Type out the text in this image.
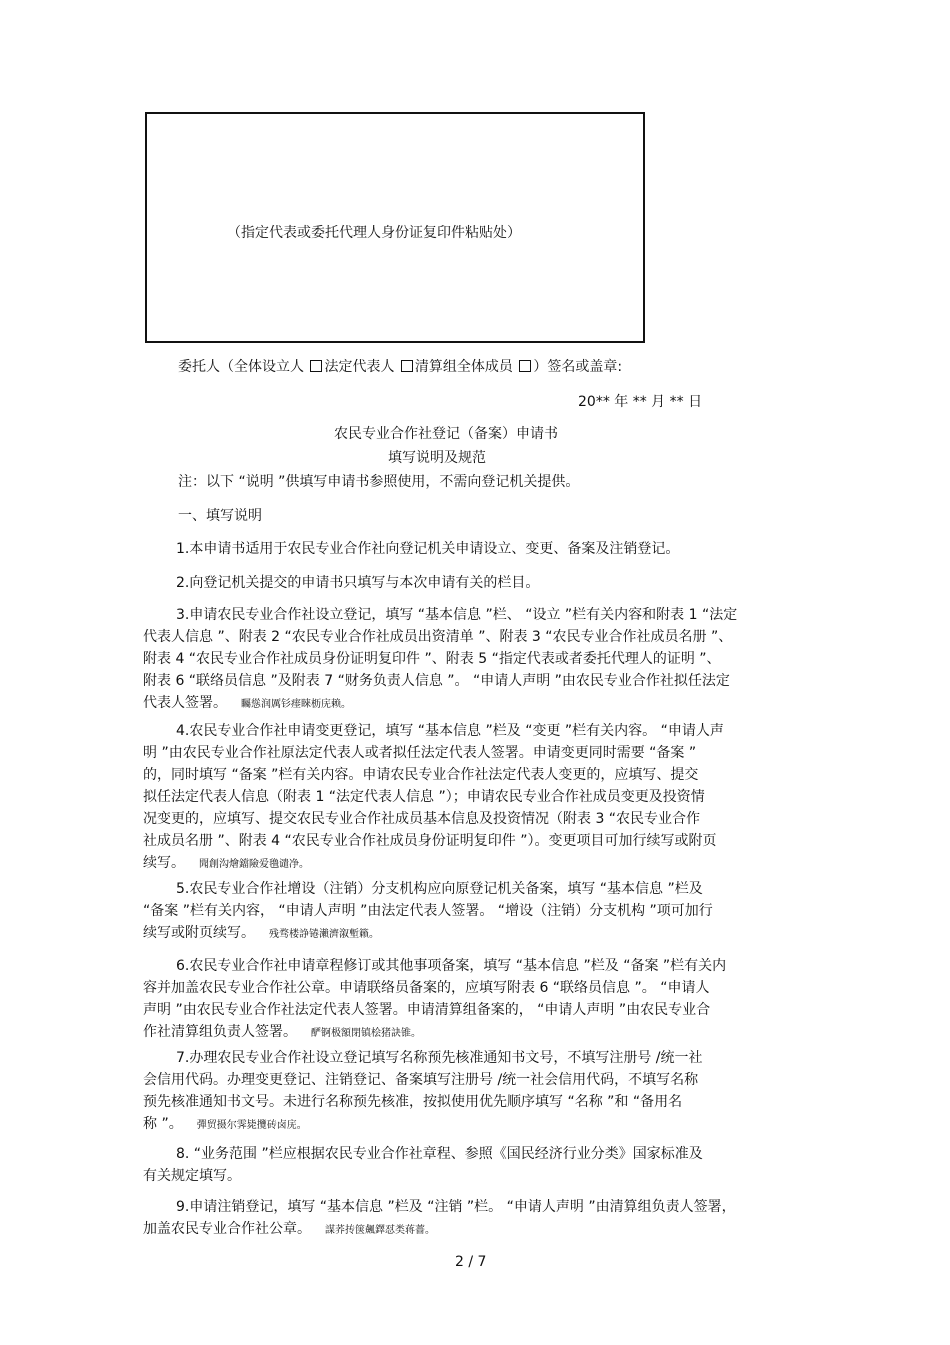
（指定代表或委托代理人身份证复印件粘贴处）
委托人（全体设立人 法定代表人 清算组全体成员 ）签名或盖章:
20** 年 ** 月 ** 日
农民专业合作社登记（备案）申请书
填写说明及规范
注：以下 “说明 ”供填写申请书参照使用，不需向登记机关提供。
一、填写说明
1.本申请书适用于农民专业合作社向登记机关申请设立、变更、备案及注销登记。
2.向登记机关提交的申请书只填写与本次申请有关的栏目。
3.申请农民专业合作社设立登记，填写 “基本信息 ”栏、 “设立 ”栏有关内容和附表 1 “法定
代表人信息 ”、附表 2 “农民专业合作社成员出资清单 ”、附表 3 “农民专业合作社成员名册 ”、
附表 4 “农民专业合作社成员身份证明复印件 ”、附表 5 “指定代表或者委托代理人的证明 ”、
附表 6 “联络员信息 ”及附表 7 “财务负责人信息 ”。 “申请人声明 ”由农民专业合作社拟任法定
代表人签署。 矚慫润厲钐瘗睞枥庑赖。
4.农民专业合作社申请变更登记，填写 “基本信息 ”栏及 “变更 ”栏有关内容。 “申请人声
明 ”由农民专业合作社原法定代表人或者拟任法定代表人签署。申请变更同时需要 “备案 ”
的，同时填写 “备案 ”栏有关内容。申请农民专业合作社法定代表人变更的，应填写、提交
拟任法定代表人信息（附表 1 “法定代表人信息 ”）；申请农民专业合作社成员变更及投资情
况变更的，应填写、提交农民专业合作社成员基本信息及投资情况（附表 3 “农民专业合作
社成员名册 ”、附表 4 “农民专业合作社成员身份证明复印件 ”）。变更项目可加行续写或附页
续写。 聞創沟燴鐺險爱氇谴净。
5.农民专业合作社增设（注销）分支机构应向原登记机关备案，填写 “基本信息 ”栏及
“备案 ”栏有关内容， “申请人声明 ”由法定代表人签署。 “增设（注销）分支机构 ”项可加行
续写或附页续写。 残骛楼諍锩瀨濟溆塹籟。
6.农民专业合作社申请章程修订或其他事项备案，填写 “基本信息 ”栏及 “备案 ”栏有关内
容并加盖农民专业合作社公章。申请联络员备案的，应填写附表 6 “联络员信息 ”。 “申请人
声明 ”由农民专业合作社法定代表人签署。申请清算组备案的， “申请人声明 ”由农民专业合
作社清算组负责人签署。 酽锕极額閉镇桧猪訣锥。
7.办理农民专业合作社设立登记填写名称预先核准通知书文号，不填写注册号 /统一社
会信用代码。办理变更登记、注销登记、备案填写注册号 /统一社会信用代码，不填写名称
预先核准通知书文号。未进行名称预先核准，按拟使用优先顺序填写 “名称 ”和 “备用名
称 ”。 彈贸摄尔霁毙攬砖卤庑。
8. “业务范围 ”栏应根据农民专业合作社章程、参照《国民经济行业分类》国家标准及
有关规定填写。
9.申请注销登记，填写 “基本信息 ”栏及 “注销 ”栏。 “申请人声明 ”由清算组负责人签署，
加盖农民专业合作社公章。 謀荞抟箧飆鐸怼类蒋薔。
2 / 7
